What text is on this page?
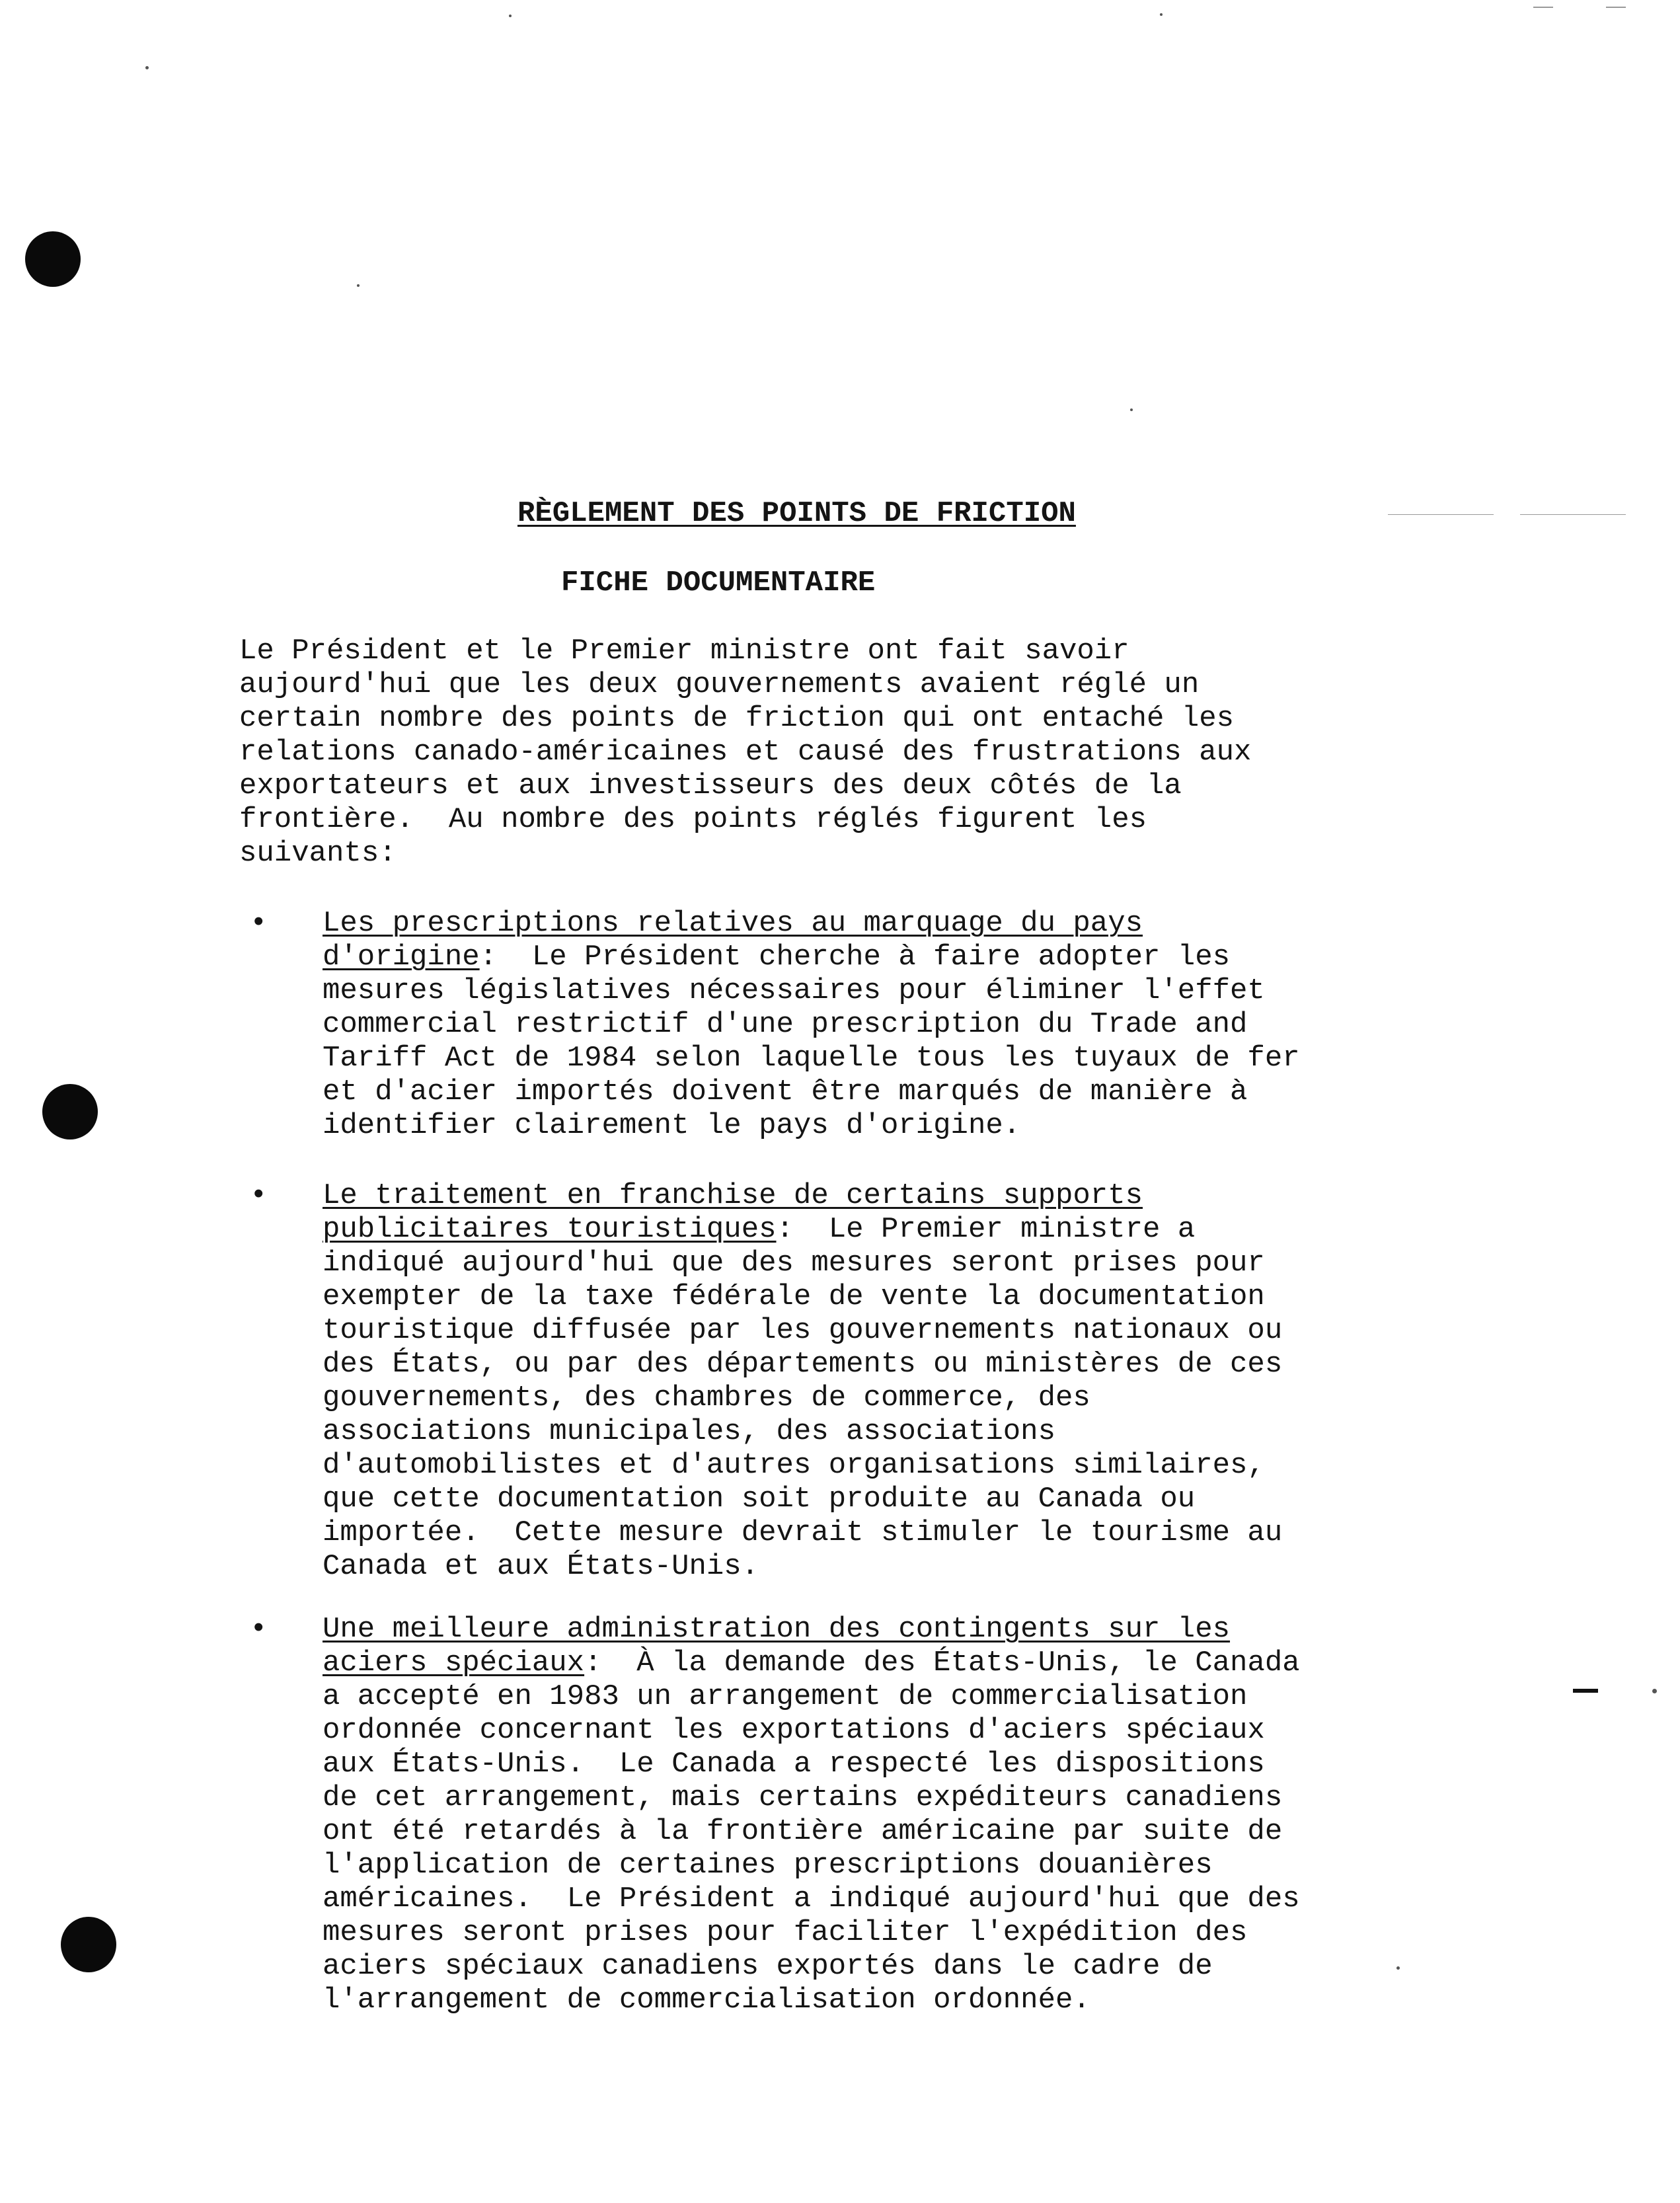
RÈGLEMENT DES POINTS DE FRICTION
FICHE DOCUMENTAIRE
Le Président et le Premier ministre ont fait savoir
aujourd'hui que les deux gouvernements avaient réglé un
certain nombre des points de friction qui ont entaché les
relations canado-américaines et causé des frustrations aux
exportateurs et aux investisseurs des deux côtés de la
frontière.  Au nombre des points réglés figurent les
suivants:
• Les prescriptions relatives au marquage du pays
d'origine:  Le Président cherche à faire adopter les
mesures législatives nécessaires pour éliminer l'effet
commercial restrictif d'une prescription du Trade and
Tariff Act de 1984 selon laquelle tous les tuyaux de fer
et d'acier importés doivent être marqués de manière à
identifier clairement le pays d'origine.
• Le traitement en franchise de certains supports
publicitaires touristiques:  Le Premier ministre a
indiqué aujourd'hui que des mesures seront prises pour
exempter de la taxe fédérale de vente la documentation
touristique diffusée par les gouvernements nationaux ou
des États, ou par des départements ou ministères de ces
gouvernements, des chambres de commerce, des
associations municipales, des associations
d'automobilistes et d'autres organisations similaires,
que cette documentation soit produite au Canada ou
importée.  Cette mesure devrait stimuler le tourisme au
Canada et aux États-Unis.
• Une meilleure administration des contingents sur les
aciers spéciaux:  À la demande des États-Unis, le Canada
a accepté en 1983 un arrangement de commercialisation
ordonnée concernant les exportations d'aciers spéciaux
aux États-Unis.  Le Canada a respecté les dispositions
de cet arrangement, mais certains expéditeurs canadiens
ont été retardés à la frontière américaine par suite de
l'application de certaines prescriptions douanières
américaines.  Le Président a indiqué aujourd'hui que des
mesures seront prises pour faciliter l'expédition des
aciers spéciaux canadiens exportés dans le cadre de
l'arrangement de commercialisation ordonnée.
